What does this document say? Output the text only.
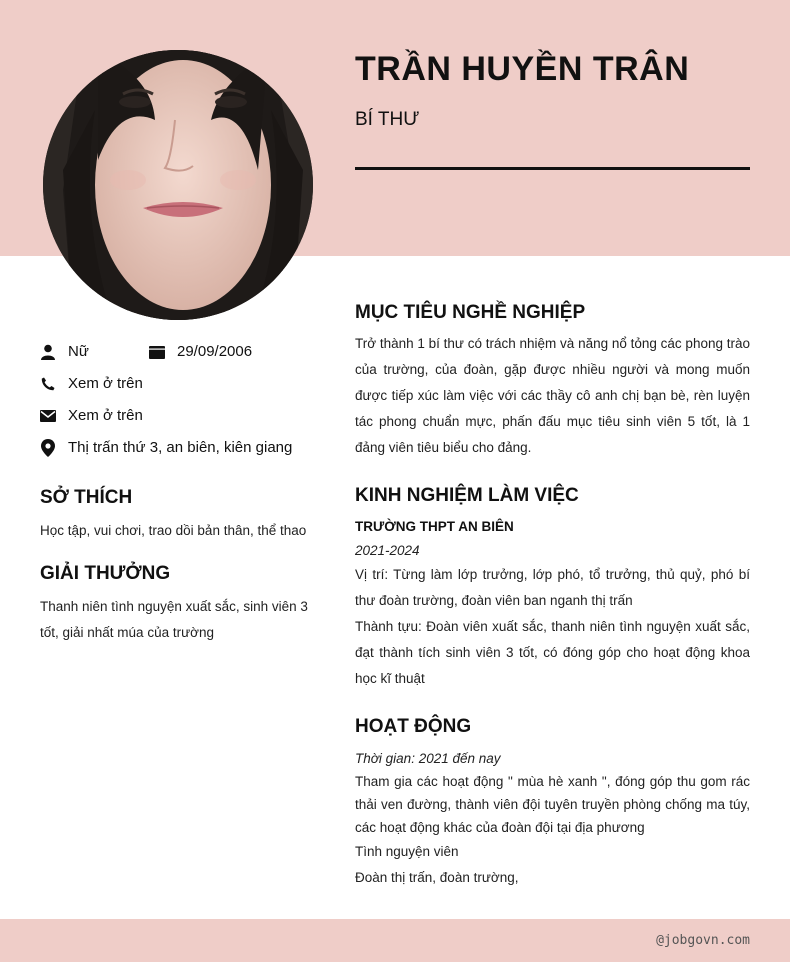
TRẦN HUYỀN TRÂN
BÍ THƯ
Nữ	29/09/2006
Xem ở trên
Xem ở trên
Thị trấn thứ 3, an biên, kiên giang
SỞ THÍCH
Học tập, vui chơi, trao dồi bản thân, thể thao
GIẢI THƯỞNG
Thanh niên tình nguyện xuất sắc, sinh viên 3 tốt, giải nhất múa của trường
MỤC TIÊU NGHỀ NGHIỆP
Trở thành 1 bí thư có trách nhiệm và năng nổ tỏng các phong trào của trường, của đoàn, gặp được nhiều người và mong muốn được tiếp xúc làm việc với các thầy cô anh chị bạn bè, rèn luyện tác phong chuẩn mực, phấn đấu mục tiêu sinh viên 5 tốt, là 1 đảng viên tiêu biểu cho đảng.
KINH NGHIỆM LÀM VIỆC
TRƯỜNG THPT AN BIÊN
2021-2024
Vị trí: Từng làm lớp trưởng, lớp phó, tổ trưởng, thủ quỷ, phó bí thư đoàn trường, đoàn viên ban nganh thị trấn
Thành tựu: Đoàn viên xuất sắc, thanh niên tình nguyện xuất sắc, đạt thành tích sinh viên 3 tốt, có đóng góp cho hoạt động khoa học kĩ thuật
HOẠT ĐỘNG
Thời gian: 2021 đến nay
Tham gia các hoạt động " mùa hè xanh ", đóng góp thu gom rác thải ven đường, thành viên đội tuyên truyền phòng chống ma túy, các hoạt động khác của đoàn đội tại địa phương
Tình nguyện viên
Đoàn thị trấn, đoàn trường,
@jobgovn.com
